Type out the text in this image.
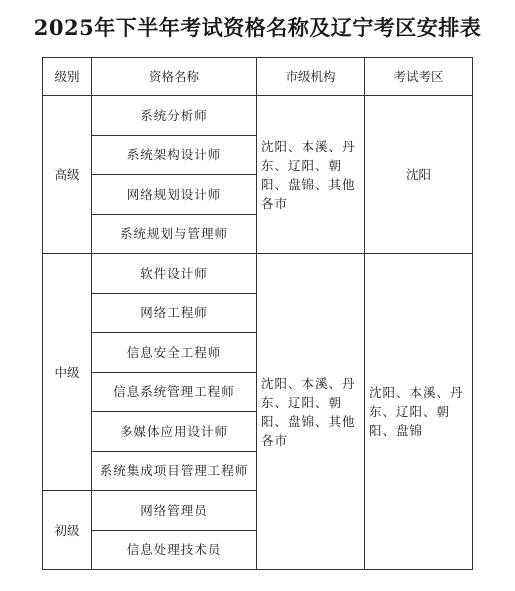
2025年下半年考试资格名称及辽宁考区安排表
级别	资格名称	市级机构	考试考区
高级	系统分析师	沈阳、本溪、丹东、辽阳、朝阳、盘锦、其他各市	沈阳
	系统架构设计师		
	网络规划设计师		
	系统规划与管理师		
中级	软件设计师	沈阳、本溪、丹东、辽阳、朝阳、盘锦、其他各市	沈阳、本溪、丹东、辽阳、朝阳、盘锦
	网络工程师		
	信息安全工程师		
	信息系统管理工程师		
	多媒体应用设计师		
	系统集成项目管理工程师		
初级	网络管理员		
	信息处理技术员		
